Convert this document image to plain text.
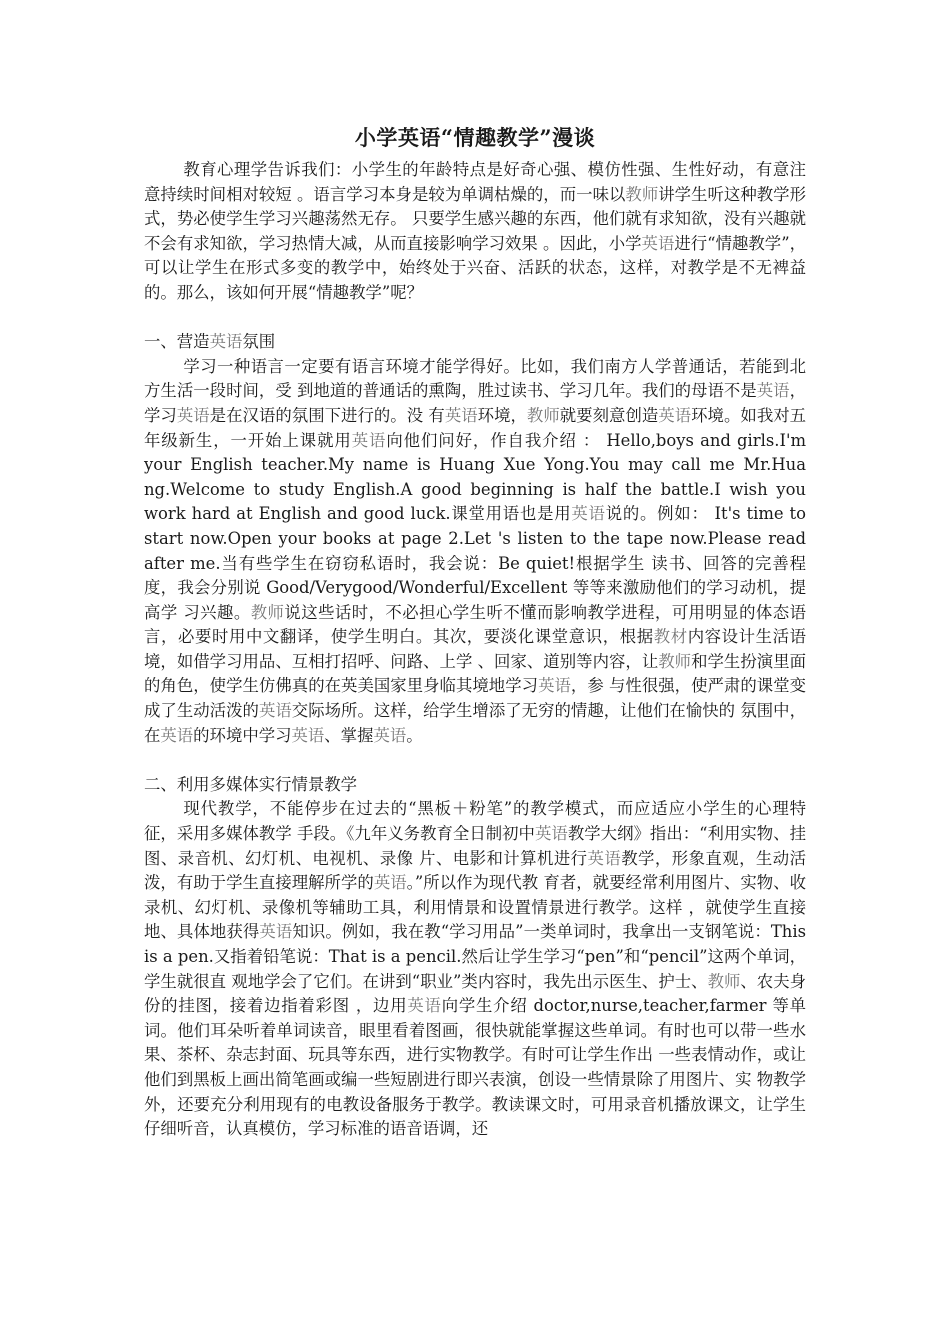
小学英语“情趣教学”漫谈

教育心理学告诉我们：小学生的年龄特点是好奇心强、模仿性强、生性好动，有意注意持续时间相对较短 。语言学习本身是较为单调枯燥的，而一味以教师讲学生听这种教学形式，势必使学生学习兴趣荡然无存。 只要学生感兴趣的东西，他们就有求知欲，没有兴趣就不会有求知欲，学习热情大减，从而直接影响学习效果 。因此，小学英语进行“情趣教学”，可以让学生在形式多变的教学中，始终处于兴奋、活跃的状态，这样，对教学是不无裨益的。那么，该如何开展“情趣教学”呢？

一、营造英语氛围

学习一种语言一定要有语言环境才能学得好。比如，我们南方人学普通话，若能到北方生活一段时间，受 到地道的普通话的熏陶，胜过读书、学习几年。我们的母语不是英语，学习英语是在汉语的氛围下进行的。没 有英语环境，教师就要刻意创造英语环境。如我对五年级新生，一开始上课就用英语向他们问好，作自我介绍 ： Hello,boys and girls.I'm your English teacher.My name is Huang Xue Yong.You may call me Mr.Hua ng.Welcome to study English.A good beginning is half the battle.I wish you work hard at English and good luck.课堂用语也是用英语说的。例如： It's time to start now.Open your books at page 2.Let 's listen to the tape now.Please read after me.当有些学生在窃窃私语时，我会说：Be quiet!根据学生 读书、回答的完善程度，我会分别说 Good/Verygood/Wonderful/Excellent 等等来激励他们的学习动机，提高学 习兴趣。教师说这些话时，不必担心学生听不懂而影响教学进程，可用明显的体态语言，必要时用中文翻译，使学生明白。其次，要淡化课堂意识，根据教材内容设计生活语境，如借学习用品、互相打招呼、问路、上学 、回家、道别等内容，让教师和学生扮演里面的角色，使学生仿佛真的在英美国家里身临其境地学习英语，参 与性很强，使严肃的课堂变成了生动活泼的英语交际场所。这样，给学生增添了无穷的情趣，让他们在愉快的 氛围中，在英语的环境中学习英语、掌握英语。

二、利用多媒体实行情景教学

现代教学，不能停步在过去的“黑板＋粉笔”的教学模式，而应适应小学生的心理特征，采用多媒体教学 手段。《九年义务教育全日制初中英语教学大纲》指出：“利用实物、挂图、录音机、幻灯机、电视机、录像 片、电影和计算机进行英语教学，形象直观，生动活泼，有助于学生直接理解所学的英语。”所以作为现代教 育者，就要经常利用图片、实物、收录机、幻灯机、录像机等辅助工具，利用情景和设置情景进行教学。这样 ，就使学生直接地、具体地获得英语知识。例如，我在教“学习用品”一类单词时，我拿出一支钢笔说：This is a pen.又指着铅笔说：That is a pencil.然后让学生学习“pen”和“pencil”这两个单词， 学生就很直 观地学会了它们。在讲到“职业”类内容时，我先出示医生、护士、教师、农夫身份的挂图，接着边指着彩图 ，边用英语向学生介绍 doctor,nurse,teacher,farmer 等单词。他们耳朵听着单词读音，眼里看着图画，很快就能掌握这些单词。有时也可以带一些水果、茶杯、杂志封面、玩具等东西，进行实物教学。有时可让学生作出 一些表情动作，或让他们到黑板上画出简笔画或编一些短剧进行即兴表演，创设一些情景除了用图片、实 物教学外，还要充分利用现有的电教设备服务于教学。教读课文时，可用录音机播放课文，让学生仔细听音，认真模仿，学习标准的语音语调，还
